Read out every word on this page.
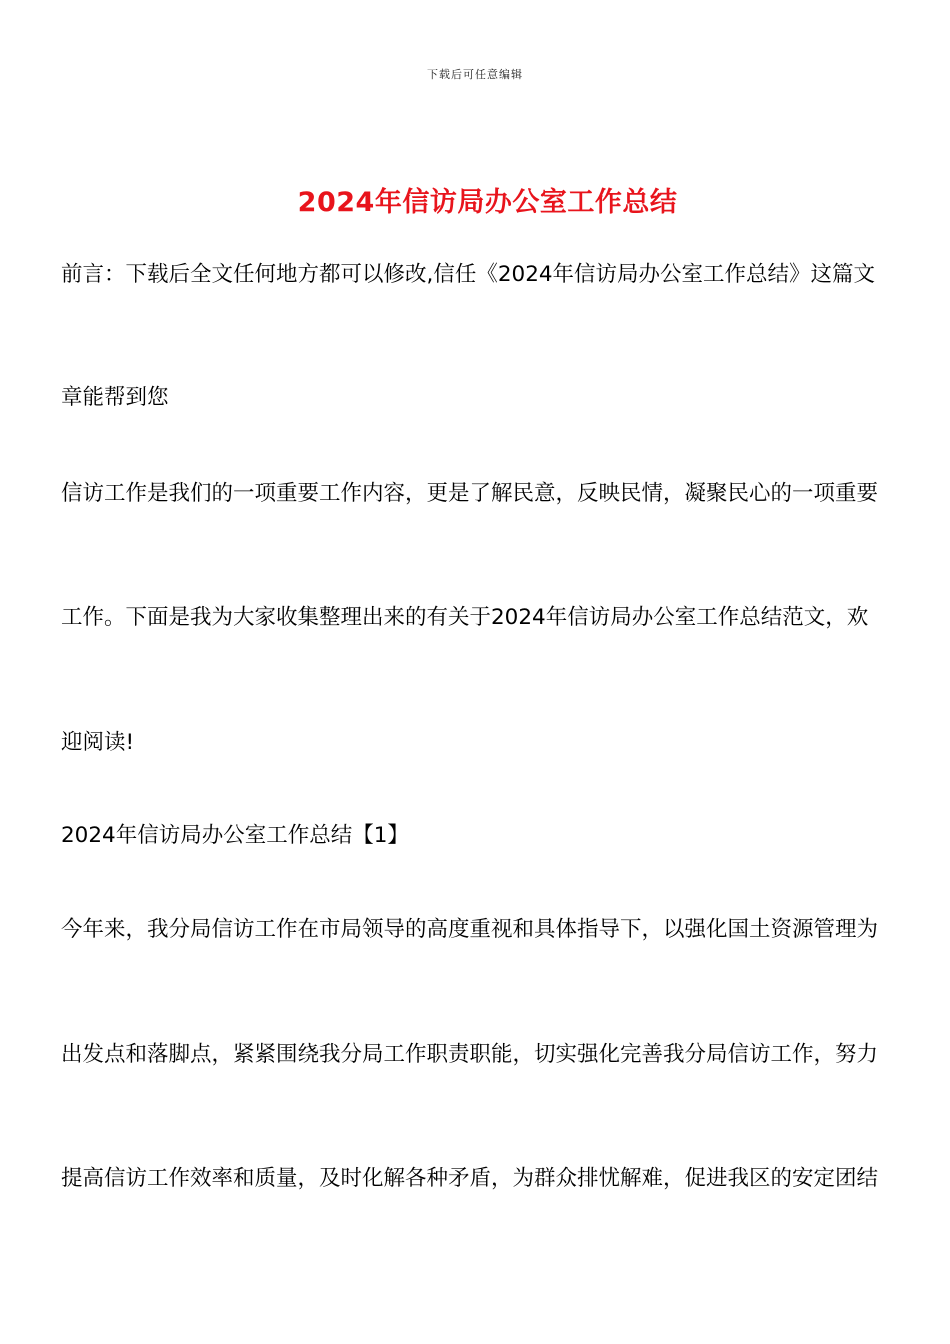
下载后可任意编辑
2024年信访局办公室工作总结
前言：下载后全文任何地方都可以修改,信任《2024年信访局办公室工作总结》这篇文
章能帮到您
信访工作是我们的一项重要工作内容，更是了解民意，反映民情，凝聚民心的一项重要
工作。下面是我为大家收集整理出来的有关于2024年信访局办公室工作总结范文，欢
迎阅读!
2024年信访局办公室工作总结【1】
今年来，我分局信访工作在市局领导的高度重视和具体指导下，以强化国土资源管理为
出发点和落脚点，紧紧围绕我分局工作职责职能，切实强化完善我分局信访工作，努力
提高信访工作效率和质量，及时化解各种矛盾，为群众排忧解难，促进我区的安定团结
